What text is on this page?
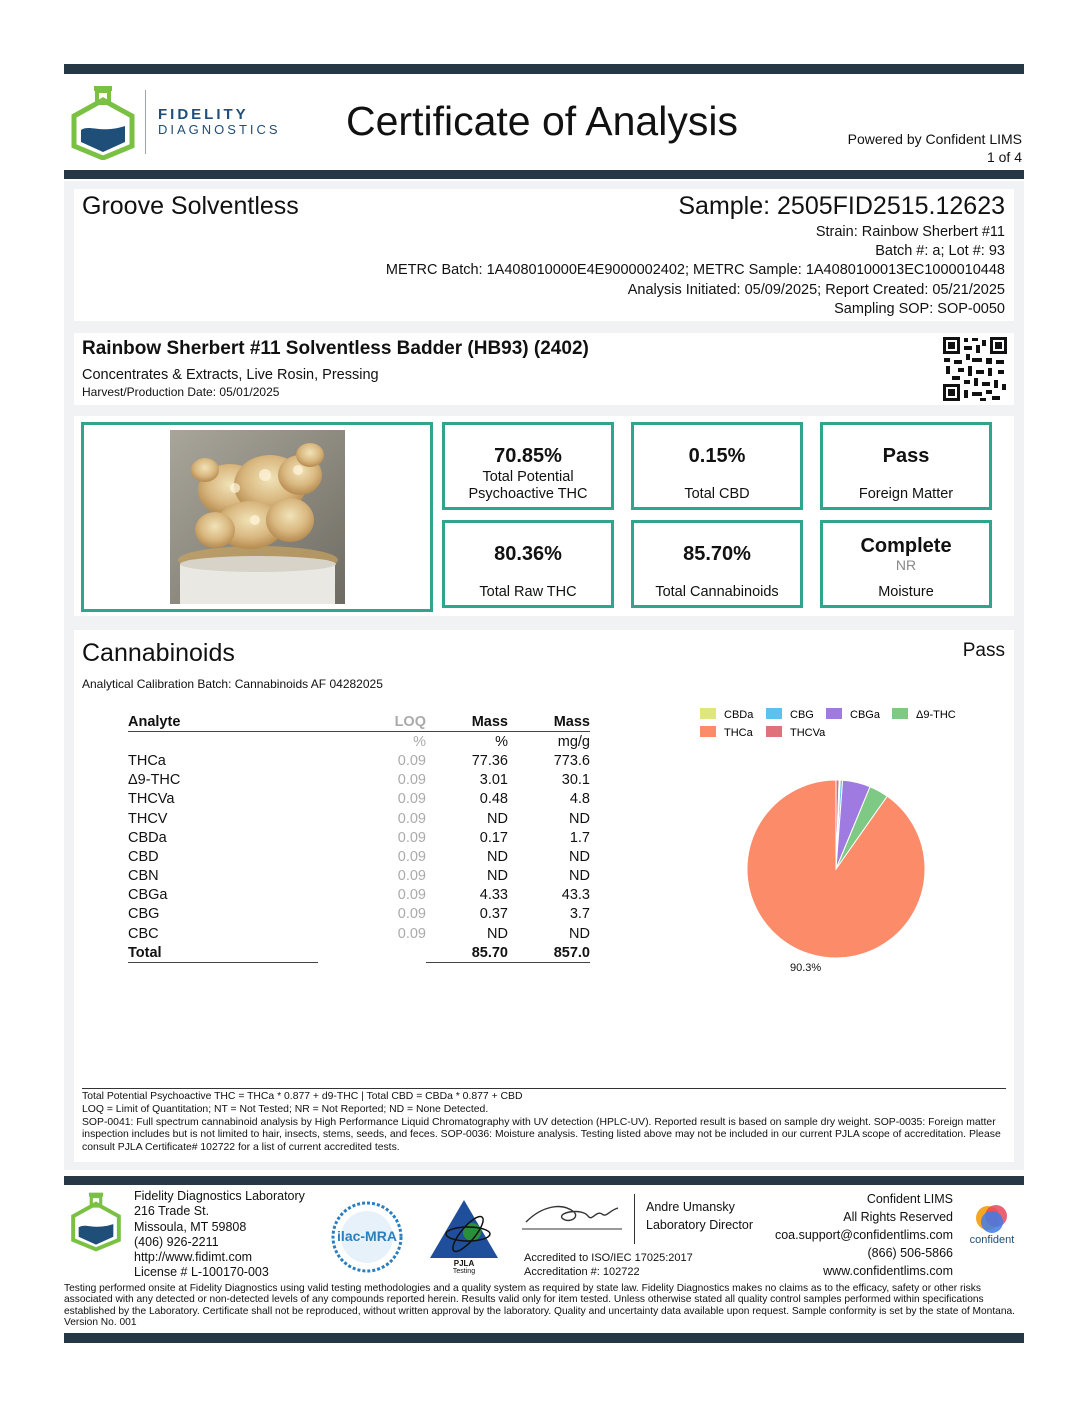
FIDELITY
DIAGNOSTICS Certificate of Analysis	Powered by Confident LIMS
1 of 4
Groove Solventless	Sample: 2505FID2515.12623
Strain: Rainbow Sherbert #11
Batch #: a; Lot #: 93
METRC Batch: 1A408010000E4E9000002402; METRC Sample: 1A4080100013EC1000010448
Analysis Initiated: 05/09/2025; Report Created: 05/21/2025
Sampling SOP: SOP-0050
Rainbow Sherbert #11 Solventless Badder (HB93) (2402)
Concentrates & Extracts, Live Rosin, Pressing
Harvest/Production Date: 05/01/2025
70.85%
Total Potential
Psychoactive THC
0.15%
Total CBD
Pass
Foreign Matter
80.36%
Total Raw THC
85.70%
Total Cannabinoids
Complete
NR
Moisture
Cannabinoids	Pass
Analytical Calibration Batch: Cannabinoids AF 04282025
Analyte	LOQ	Mass	Mass
	%	%	mg/g
THCa	0.09	77.36	773.6
Δ9-THC	0.09	3.01	30.1
THCVa	0.09	0.48	4.8
THCV	0.09	ND	ND
CBDa	0.09	0.17	1.7
CBD	0.09	ND	ND
CBN	0.09	ND	ND
CBGa	0.09	4.33	43.3
CBG	0.09	0.37	3.7
CBC	0.09	ND	ND
Total		85.70	857.0
CBDa	CBG	CBGa	Δ9-THC
THCa	THCVa
90.3%
Total Potential Psychoactive THC = THCa * 0.877 + d9-THC | Total CBD = CBDa * 0.877 + CBD
LOQ = Limit of Quantitation; NT = Not Tested; NR = Not Reported; ND = None Detected.
SOP-0041: Full spectrum cannabinoid analysis by High Performance Liquid Chromatography with UV detection (HPLC-UV). Reported result is based on sample dry weight. SOP-0035: Foreign matter inspection includes but is not limited to hair, insects, stems, seeds, and feces. SOP-0036: Moisture analysis. Testing listed above may not be included in our current PJLA scope of accreditation. Please consult PJLA Certificate# 102722 for a list of current accredited tests.
Fidelity Diagnostics Laboratory
216 Trade St.
Missoula, MT 59808
(406) 926-2211
http://www.fidimt.com
License # L-100170-003
ilac-MRA
PJLA
Testing
Andre Umansky
Laboratory Director
Accredited to ISO/IEC 17025:2017
Accreditation #: 102722
Confident LIMS
All Rights Reserved
coa.support@confidentlims.com
(866) 506-5866
www.confidentlims.com
confident
Testing performed onsite at Fidelity Diagnostics using valid testing methodologies and a quality system as required by state law. Fidelity Diagnostics makes no claims as to the efficacy, safety or other risks associated with any detected or non-detected levels of any compounds reported herein. Results valid only for item tested. Unless otherwise stated all quality control samples performed within specifications established by the Laboratory. Certificate shall not be reproduced, without written approval by the laboratory. Quality and uncertainty data available upon request. Sample conformity is set by the state of Montana. Version No. 001
